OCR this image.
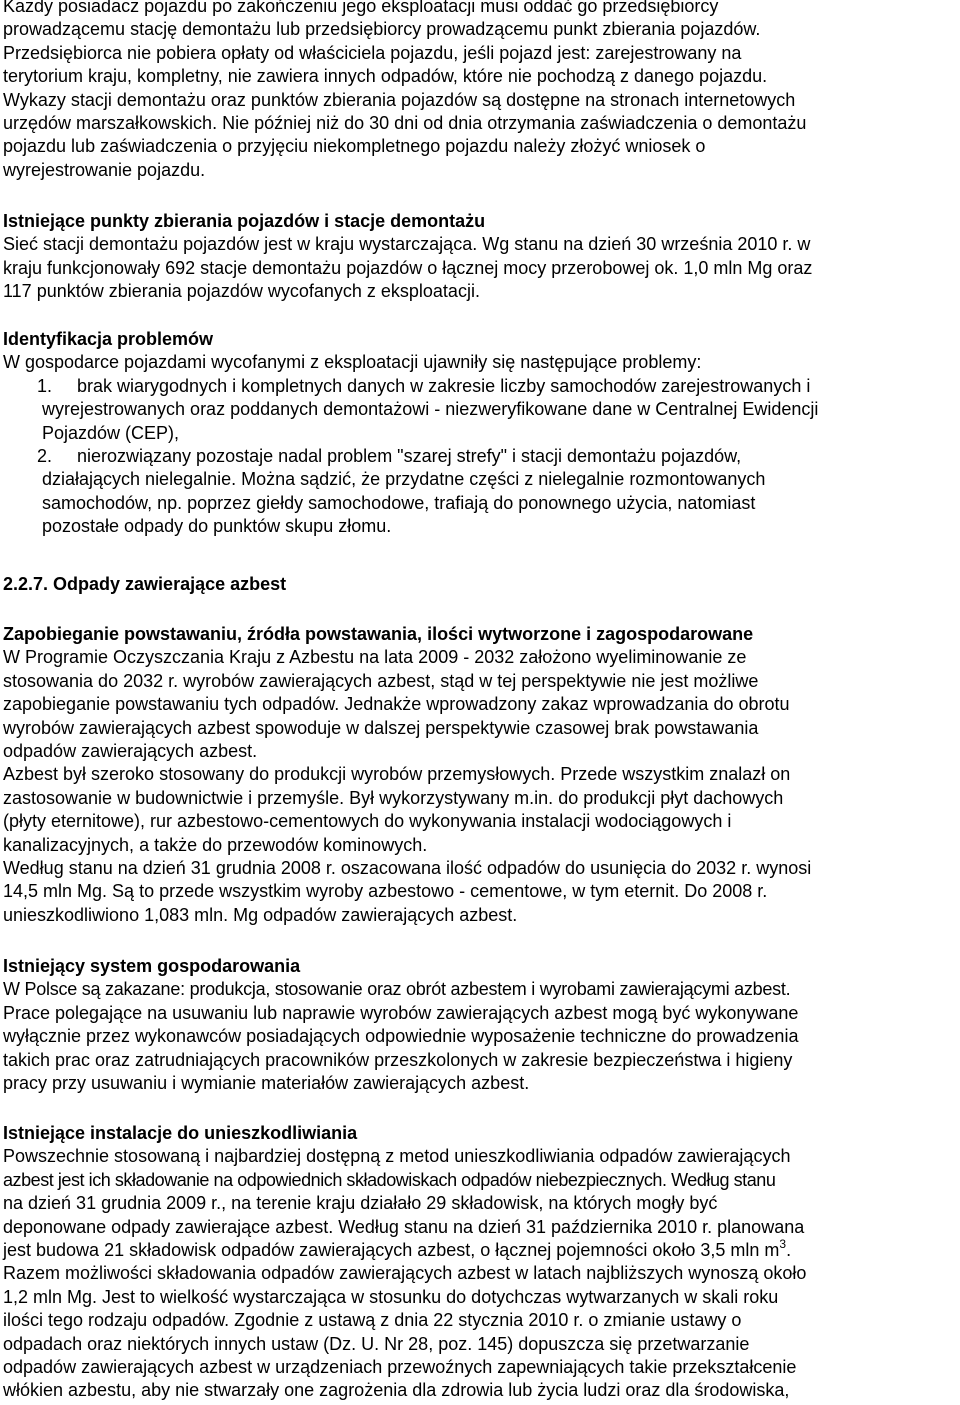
Każdy posiadacz pojazdu po zakończeniu jego eksploatacji musi oddać go przedsiębiorcy
prowadzącemu stację demontażu lub przedsiębiorcy prowadzącemu punkt zbierania pojazdów.
Przedsiębiorca nie pobiera opłaty od właściciela pojazdu, jeśli pojazd jest: zarejestrowany na
terytorium kraju, kompletny, nie zawiera innych odpadów, które nie pochodzą z danego pojazdu.
Wykazy stacji demontażu oraz punktów zbierania pojazdów są dostępne na stronach internetowych
urzędów marszałkowskich. Nie później niż do 30 dni od dnia otrzymania zaświadczenia o demontażu
pojazdu lub zaświadczenia o przyjęciu niekompletnego pojazdu należy złożyć wniosek o
wyrejestrowanie pojazdu.
Istniejące punkty zbierania pojazdów i stacje demontażu
Sieć stacji demontażu pojazdów jest w kraju wystarczająca. Wg stanu na dzień 30 września 2010 r. w
kraju funkcjonowały 692 stacje demontażu pojazdów o łącznej mocy przerobowej ok. 1,0 mln Mg oraz
117 punktów zbierania pojazdów wycofanych z eksploatacji.
Identyfikacja problemów
W gospodarce pojazdami wycofanymi z eksploatacji ujawniły się następujące problemy:
1. brak wiarygodnych i kompletnych danych w zakresie liczby samochodów zarejestrowanych i
wyrejestrowanych oraz poddanych demontażowi - niezweryfikowane dane w Centralnej Ewidencji
Pojazdów (CEP),
2. nierozwiązany pozostaje nadal problem "szarej strefy" i stacji demontażu pojazdów,
działających nielegalnie. Można sądzić, że przydatne części z nielegalnie rozmontowanych
samochodów, np. poprzez giełdy samochodowe, trafiają do ponownego użycia, natomiast
pozostałe odpady do punktów skupu złomu.
2.2.7. Odpady zawierające azbest
Zapobieganie powstawaniu, źródła powstawania, ilości wytworzone i zagospodarowane
W Programie Oczyszczania Kraju z Azbestu na lata 2009 - 2032 założono wyeliminowanie ze
stosowania do 2032 r. wyrobów zawierających azbest, stąd w tej perspektywie nie jest możliwe
zapobieganie powstawaniu tych odpadów. Jednakże wprowadzony zakaz wprowadzania do obrotu
wyrobów zawierających azbest spowoduje w dalszej perspektywie czasowej brak powstawania
odpadów zawierających azbest.
Azbest był szeroko stosowany do produkcji wyrobów przemysłowych. Przede wszystkim znalazł on
zastosowanie w budownictwie i przemyśle. Był wykorzystywany m.in. do produkcji płyt dachowych
(płyty eternitowe), rur azbestowo-cementowych do wykonywania instalacji wodociągowych i
kanalizacyjnych, a także do przewodów kominowych.
Według stanu na dzień 31 grudnia 2008 r. oszacowana ilość odpadów do usunięcia do 2032 r. wynosi
14,5 mln Mg. Są to przede wszystkim wyroby azbestowo - cementowe, w tym eternit. Do 2008 r.
unieszkodliwiono 1,083 mln. Mg odpadów zawierających azbest.
Istniejący system gospodarowania
W Polsce są zakazane: produkcja, stosowanie oraz obrót azbestem i wyrobami zawierającymi azbest.
Prace polegające na usuwaniu lub naprawie wyrobów zawierających azbest mogą być wykonywane
wyłącznie przez wykonawców posiadających odpowiednie wyposażenie techniczne do prowadzenia
takich prac oraz zatrudniających pracowników przeszkolonych w zakresie bezpieczeństwa i higieny
pracy przy usuwaniu i wymianie materiałów zawierających azbest.
Istniejące instalacje do unieszkodliwiania
Powszechnie stosowaną i najbardziej dostępną z metod unieszkodliwiania odpadów zawierających
azbest jest ich składowanie na odpowiednich składowiskach odpadów niebezpiecznych. Według stanu
na dzień 31 grudnia 2009 r., na terenie kraju działało 29 składowisk, na których mogły być
deponowane odpady zawierające azbest. Według stanu na dzień 31 października 2010 r. planowana
jest budowa 21 składowisk odpadów zawierających azbest, o łącznej pojemności około 3,5 mln $m^3$.
Razem możliwości składowania odpadów zawierających azbest w latach najbliższych wynoszą około
1,2 mln Mg. Jest to wielkość wystarczająca w stosunku do dotychczas wytwarzanych w skali roku
ilości tego rodzaju odpadów. Zgodnie z ustawą z dnia 22 stycznia 2010 r. o zmianie ustawy o
odpadach oraz niektórych innych ustaw (Dz. U. Nr 28, poz. 145) dopuszcza się przetwarzanie
odpadów zawierających azbest w urządzeniach przewoźnych zapewniających takie przekształcenie
włókien azbestu, aby nie stwarzały one zagrożenia dla zdrowia lub życia ludzi oraz dla środowiska,
